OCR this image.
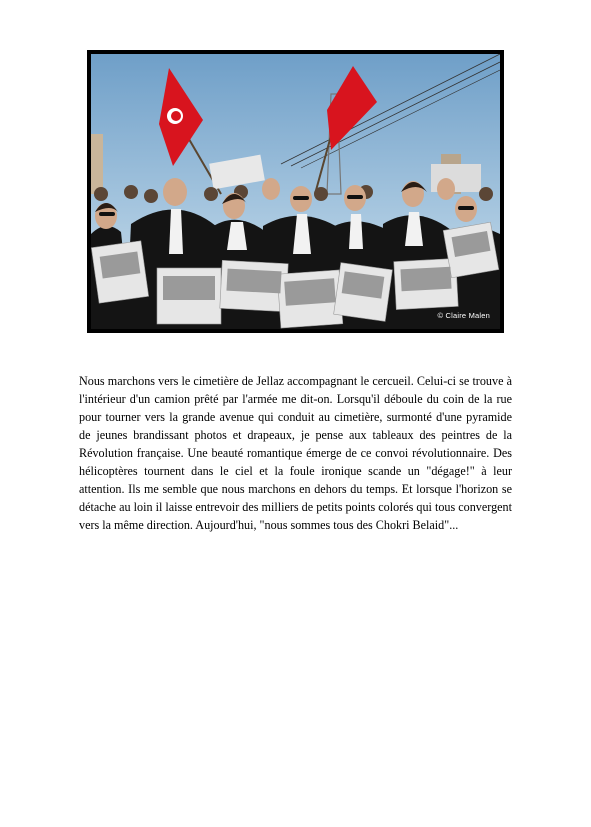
© Claire Malen

Nous marchons vers le cimetière de Jellaz accompagnant le cercueil. Celui-ci se trouve à l'intérieur d'un camion prêté par l'armée me dit-on. Lorsqu'il déboule du coin de la rue pour tourner vers la grande avenue qui conduit au cimetière, surmonté d'une pyramide de jeunes brandissant photos et drapeaux, je pense aux tableaux des peintres de la Révolution française. Une beauté romantique émerge de ce convoi révolutionnaire. Des hélicoptères tournent dans le ciel et la foule ironique scande un "dégage!" à leur attention. Ils me semble que nous marchons en dehors du temps. Et lorsque l'horizon se détache au loin il laisse entrevoir des milliers de petits points colorés qui tous convergent vers la même direction. Aujourd'hui, "nous sommes tous des Chokri Belaid"...
